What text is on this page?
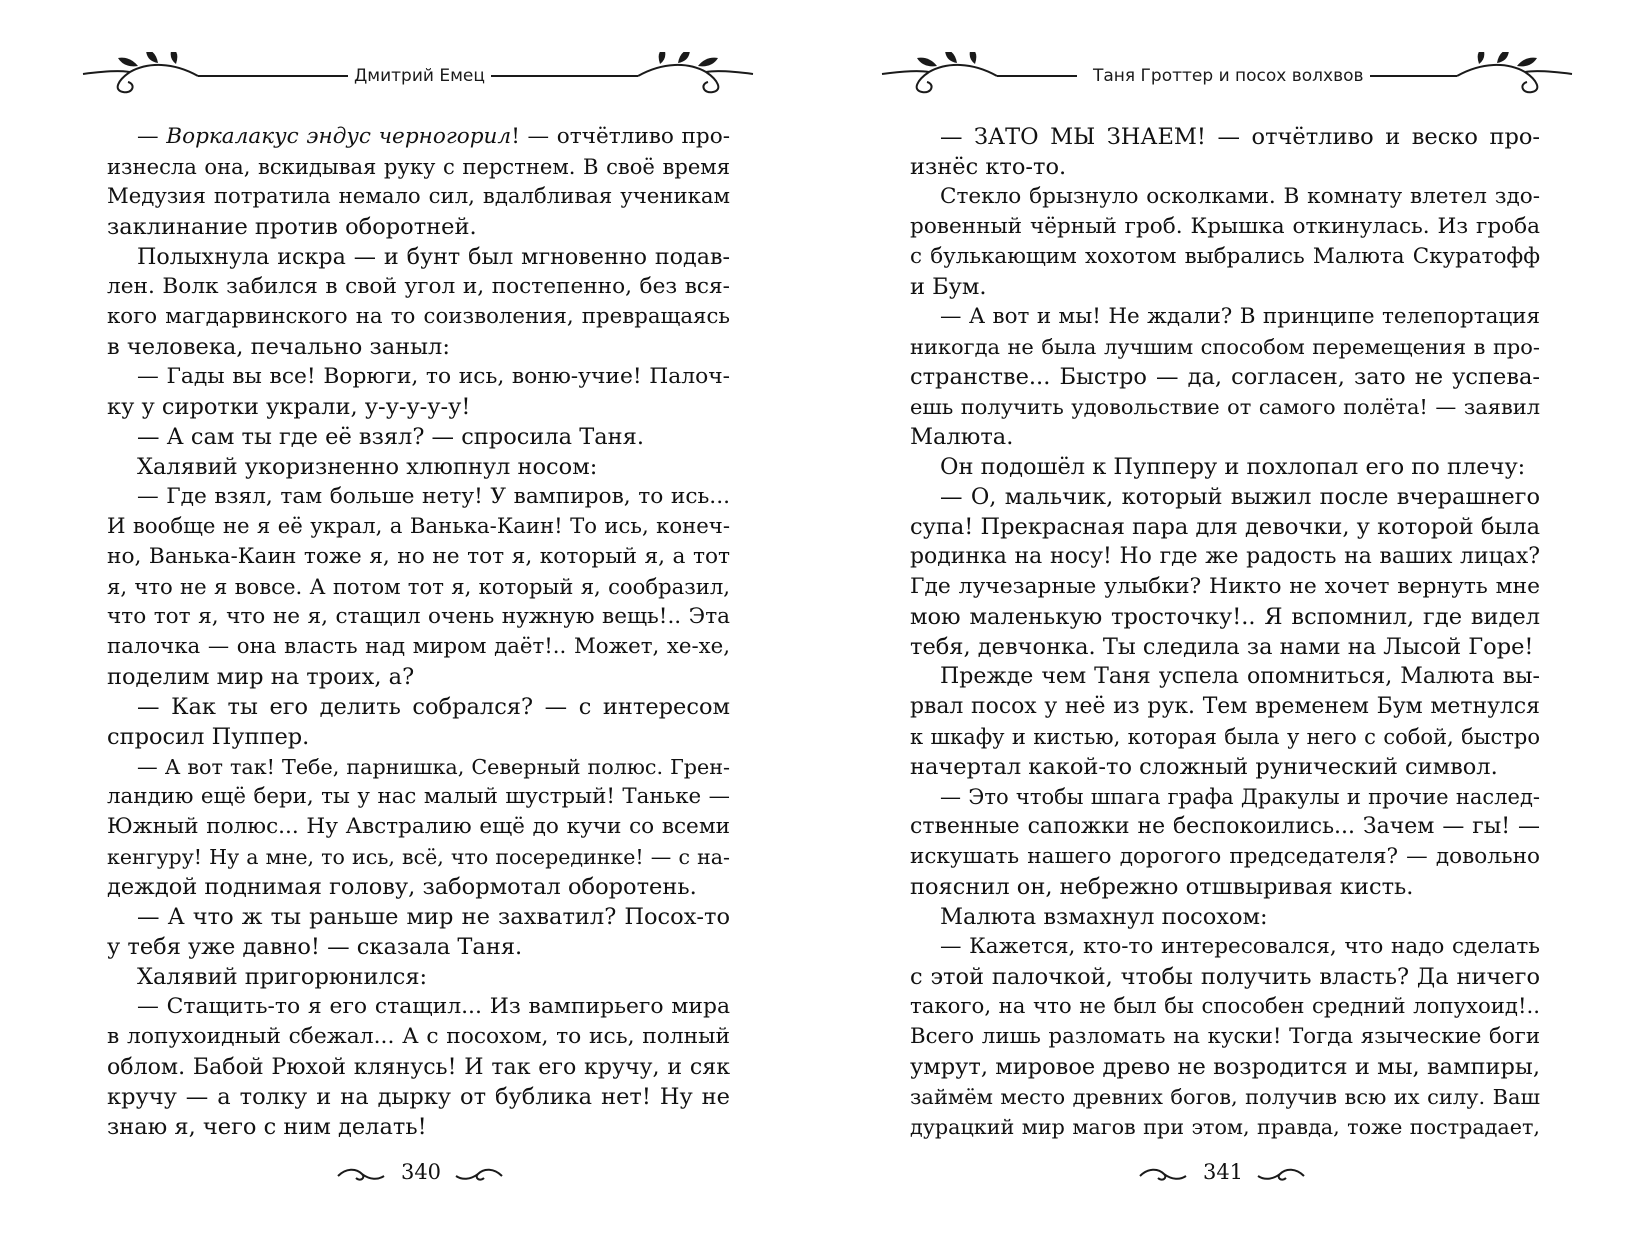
Дмитрий Емец
— Воркалакус эндус черногорил! — отчётливо про-
изнесла она, вскидывая руку с перстнем. В своё время
Медузия потратила немало сил, вдалбливая ученикам
заклинание против оборотней.
Полыхнула искра — и бунт был мгновенно подав-
лен. Волк забился в свой угол и, постепенно, без вся-
кого магдарвинского на то соизволения, превращаясь
в человека, печально заныл:
— Гады вы все! Ворюги, то ись, воню-учие! Палоч-
ку у сиротки украли, у-у-у-у-у!
— А сам ты где её взял? — спросила Таня.
Халявий укоризненно хлюпнул носом:
— Где взял, там больше нету! У вампиров, то ись...
И вообще не я её украл, а Ванька-Каин! То ись, конеч-
но, Ванька-Каин тоже я, но не тот я, который я, а тот
я, что не я вовсе. А потом тот я, который я, сообразил,
что тот я, что не я, стащил очень нужную вещь!.. Эта
палочка — она власть над миром даёт!.. Может, хе-хе,
поделим мир на троих, а?
— Как ты его делить собрался? — с интересом
спросил Пуппер.
— А вот так! Тебе, парнишка, Северный полюс. Грен-
ландию ещё бери, ты у нас малый шустрый! Таньке —
Южный полюс... Ну Австралию ещё до кучи со всеми
кенгуру! Ну а мне, то ись, всё, что посерединке! — с на-
деждой поднимая голову, забормотал оборотень.
— А что ж ты раньше мир не захватил? Посох-то
у тебя уже давно! — сказала Таня.
Халявий пригорюнился:
— Стащить-то я его стащил... Из вампирьего мира
в лопухоидный сбежал... А с посохом, то ись, полный
облом. Бабой Рюхой клянусь! И так его кручу, и сяк
кручу — а толку и на дырку от бублика нет! Ну не
знаю я, чего с ним делать!
340
Таня Гроттер и посох волхвов
— ЗАТО МЫ ЗНАЕМ! — отчётливо и веско про-
изнёс кто-то.
Стекло брызнуло осколками. В комнату влетел здо-
ровенный чёрный гроб. Крышка откинулась. Из гроба
с булькающим хохотом выбрались Малюта Скуратофф
и Бум.
— А вот и мы! Не ждали? В принципе телепортация
никогда не была лучшим способом перемещения в про-
странстве... Быстро — да, согласен, зато не успева-
ешь получить удовольствие от самого полёта! — заявил
Малюта.
Он подошёл к Пупперу и похлопал его по плечу:
— О, мальчик, который выжил после вчерашнего
супа! Прекрасная пара для девочки, у которой была
родинка на носу! Но где же радость на ваших лицах?
Где лучезарные улыбки? Никто не хочет вернуть мне
мою маленькую тросточку!.. Я вспомнил, где видел
тебя, девчонка. Ты следила за нами на Лысой Горе!
Прежде чем Таня успела опомниться, Малюта вы-
рвал посох у неё из рук. Тем временем Бум метнулся
к шкафу и кистью, которая была у него с собой, быстро
начертал какой-то сложный рунический символ.
— Это чтобы шпага графа Дракулы и прочие наслед-
ственные сапожки не беспокоились... Зачем — гы! —
искушать нашего дорогого председателя? — довольно
пояснил он, небрежно отшвыривая кисть.
Малюта взмахнул посохом:
— Кажется, кто-то интересовался, что надо сделать
с этой палочкой, чтобы получить власть? Да ничего
такого, на что не был бы способен средний лопухоид!..
Всего лишь разломать на куски! Тогда языческие боги
умрут, мировое древо не возродится и мы, вампиры,
займём место древних богов, получив всю их силу. Ваш
дурацкий мир магов при этом, правда, тоже пострадает,
341
